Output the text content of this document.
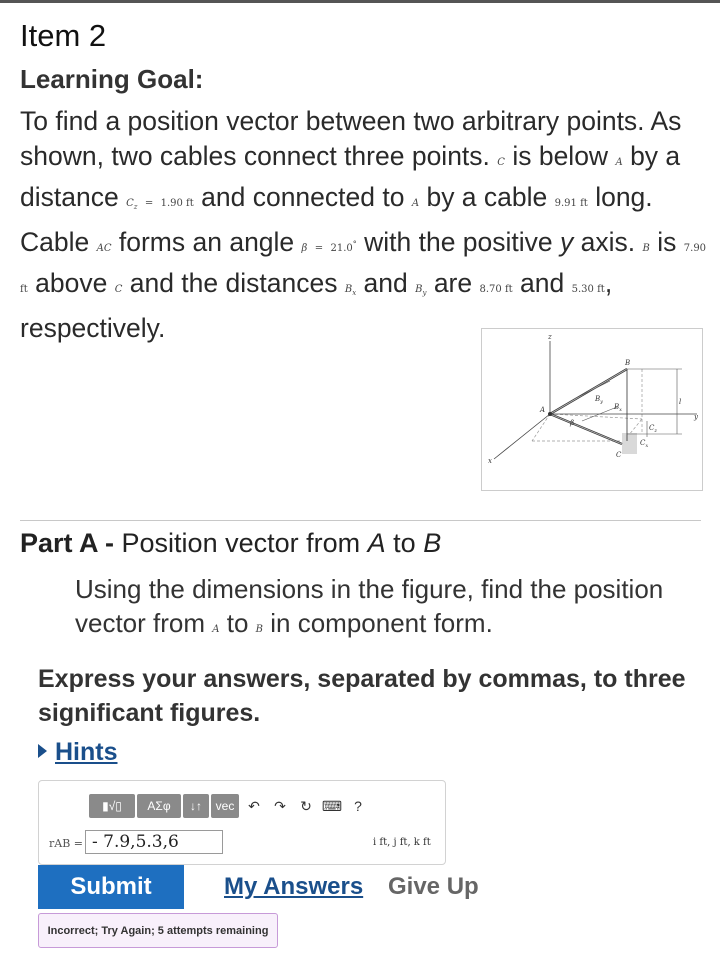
Item 2
Learning Goal:
To find a position vector between two arbitrary points. As shown, two cables connect three points. C is below A by a distance $C_z = 1.90$ ft and connected to A by a cable 9.91 ft long. Cable AC forms an angle β = 21.0° with the positive y axis. B is 7.90 ft above C and the distances $B_x$ and $B_y$ are 8.70 ft and 5.30 ft, respectively.	z
y
x
A
B
C
$B_y$
$B_x$
β
$C_z$
$C_x$
l
Part A - Position vector from A to B
Using the dimensions in the figure, find the position vector from A to B in component form.
Express your answers, separated by commas, to three significant figures.
Hints
▮√▯	ΑΣφ	↓↑	vec ↶	↷	↻ ⌨ ?
rAB = - 7.9,5.3,6	i ft, j ft, k ft
Submit	My Answers Give Up
Incorrect; Try Again; 5 attempts remaining
